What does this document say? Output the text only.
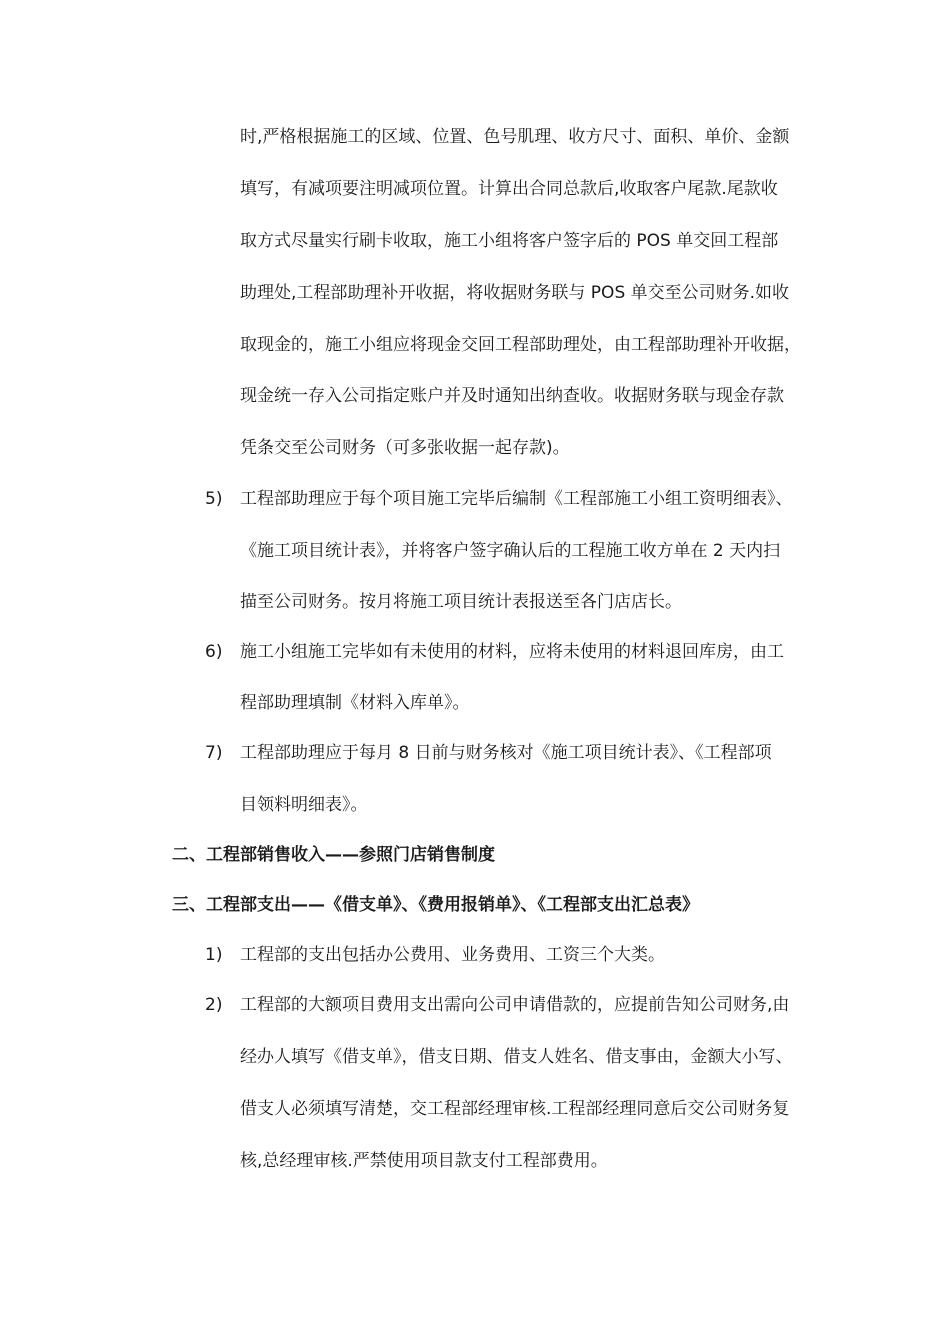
时,严格根据施工的区域、位置、色号肌理、收方尺寸、面积、单价、金额
填写，有减项要注明减项位置。计算出合同总款后,收取客户尾款.尾款收
取方式尽量实行刷卡收取，施工小组将客户签字后的 POS 单交回工程部
助理处,工程部助理补开收据，将收据财务联与 POS 单交至公司财务.如收
取现金的，施工小组应将现金交回工程部助理处，由工程部助理补开收据，
现金统一存入公司指定账户并及时通知出纳查收。收据财务联与现金存款
凭条交至公司财务（可多张收据一起存款)。
5) 工程部助理应于每个项目施工完毕后编制《工程部施工小组工资明细表》、
《施工项目统计表》，并将客户签字确认后的工程施工收方单在 2 天内扫
描至公司财务。按月将施工项目统计表报送至各门店店长。
6) 施工小组施工完毕如有未使用的材料，应将未使用的材料退回库房，由工
程部助理填制《材料入库单》。
7) 工程部助理应于每月 8 日前与财务核对《施工项目统计表》、《工程部项
目领料明细表》。
二、工程部销售收入——参照门店销售制度
三、工程部支出——《借支单》、《费用报销单》、《工程部支出汇总表》
1) 工程部的支出包括办公费用、业务费用、工资三个大类。
2) 工程部的大额项目费用支出需向公司申请借款的，应提前告知公司财务,由
经办人填写《借支单》，借支日期、借支人姓名、借支事由，金额大小写、
借支人必须填写清楚，交工程部经理审核.工程部经理同意后交公司财务复
核,总经理审核.严禁使用项目款支付工程部费用。
